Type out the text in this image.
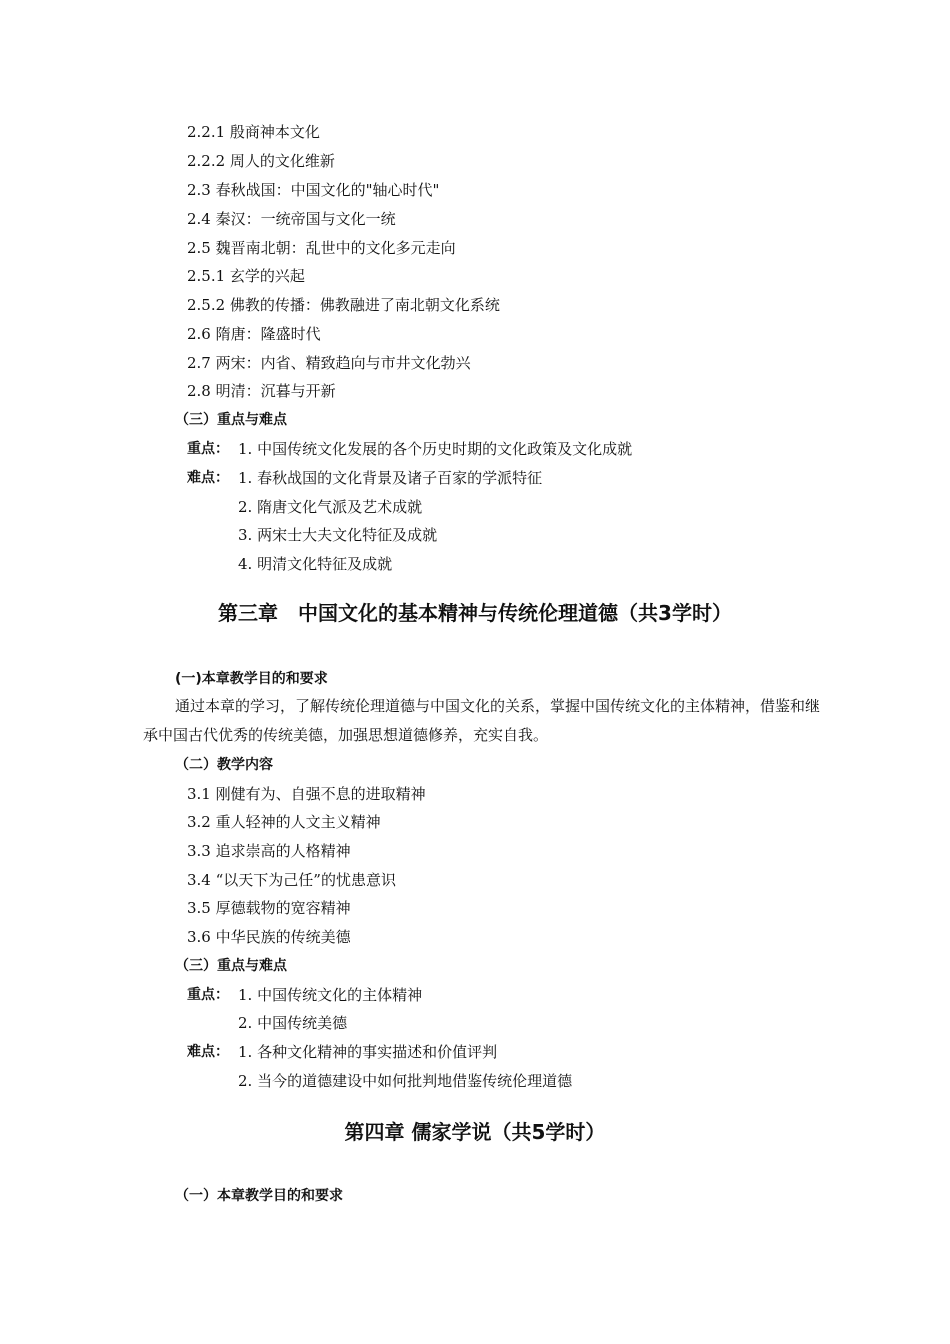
2.2.1 殷商神本文化
2.2.2 周人的文化维新
2.3 春秋战国：中国文化的"轴心时代"
2.4 秦汉：一统帝国与文化一统
2.5 魏晋南北朝：乱世中的文化多元走向
2.5.1 玄学的兴起
2.5.2 佛教的传播：佛教融进了南北朝文化系统
2.6 隋唐：隆盛时代
2.7 两宋：内省、精致趋向与市井文化勃兴
2.8 明清：沉暮与开新
（三）重点与难点
重点： 1. 中国传统文化发展的各个历史时期的文化政策及文化成就
难点： 1. 春秋战国的文化背景及诸子百家的学派特征
2. 隋唐文化气派及艺术成就
3. 两宋士大夫文化特征及成就
4. 明清文化特征及成就
第三章　中国文化的基本精神与传统伦理道德（共3学时）
(一)本章教学目的和要求
通过本章的学习，了解传统伦理道德与中国文化的关系，掌握中国传统文化的主体精神，借鉴和继承中国古代优秀的传统美德，加强思想道德修养，充实自我。
（二）教学内容
3.1 刚健有为、自强不息的进取精神
3.2 重人轻神的人文主义精神
3.3 追求崇高的人格精神
3.4 “以天下为己任”的忧患意识
3.5 厚德载物的宽容精神
3.6 中华民族的传统美德
（三）重点与难点
重点： 1. 中国传统文化的主体精神
2. 中国传统美德
难点： 1. 各种文化精神的事实描述和价值评判
2. 当今的道德建设中如何批判地借鉴传统伦理道德
第四章 儒家学说（共5学时）
（一）本章教学目的和要求
